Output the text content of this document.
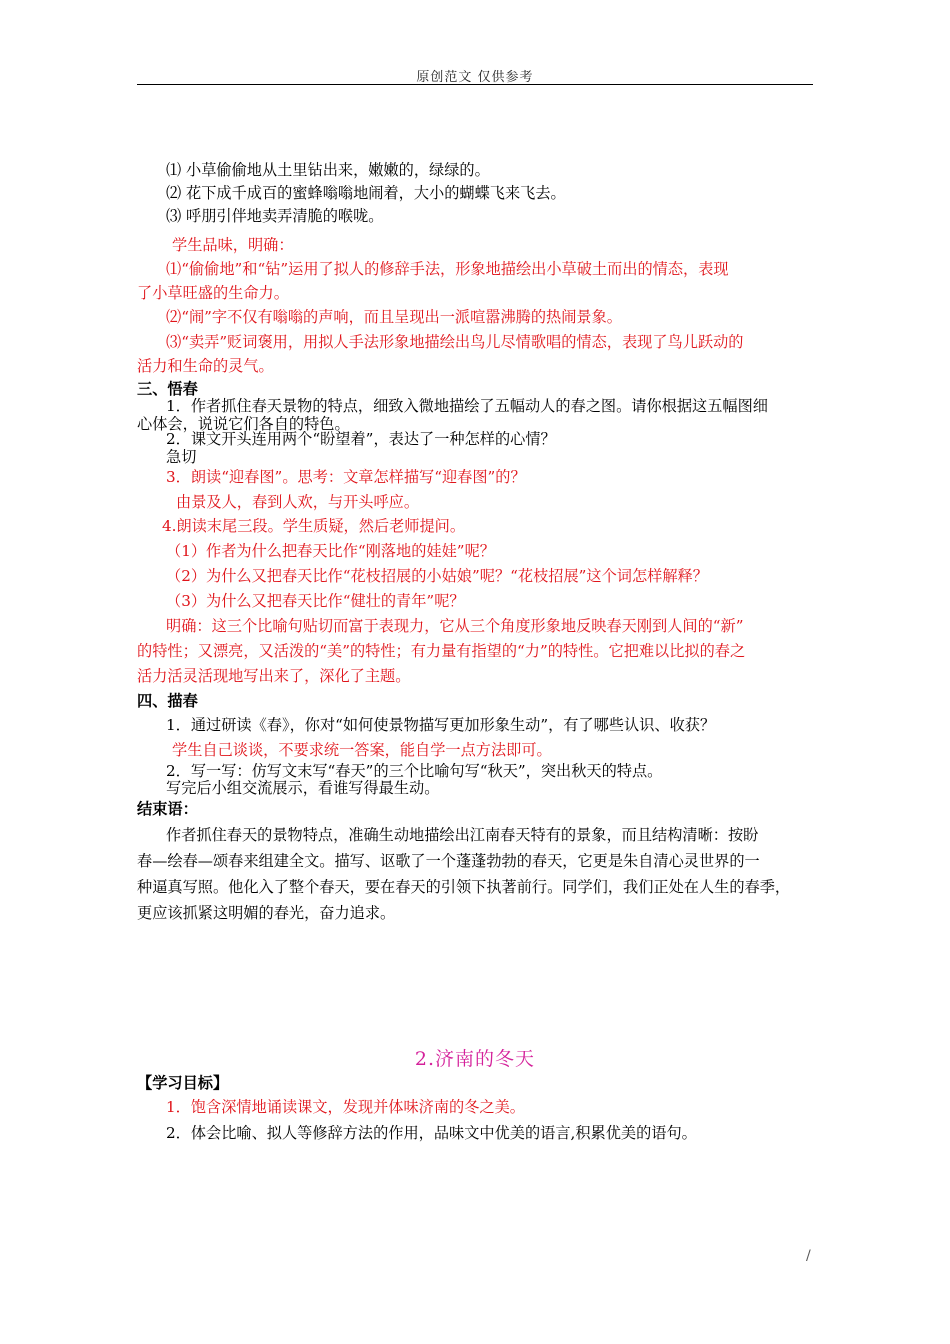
原创范文 仅供参考
⑴ 小草偷偷地从土里钻出来，嫩嫩的，绿绿的。
⑵ 花下成千成百的蜜蜂嗡嗡地闹着，大小的蝴蝶飞来飞去。
⑶ 呼朋引伴地卖弄清脆的喉咙。
学生品味，明确：
⑴“偷偷地”和“钻”运用了拟人的修辞手法，形象地描绘出小草破土而出的情态，表现
了小草旺盛的生命力。
⑵“闹”字不仅有嗡嗡的声响，而且呈现出一派喧嚣沸腾的热闹景象。
⑶“卖弄”贬词褒用，用拟人手法形象地描绘出鸟儿尽情歌唱的情态，表现了鸟儿跃动的
活力和生命的灵气。
三、悟春
1．作者抓住春天景物的特点，细致入微地描绘了五幅动人的春之图。请你根据这五幅图细
心体会，说说它们各自的特色。
2．课文开头连用两个“盼望着”，表达了一种怎样的心情？
急切
3．朗读“迎春图”。思考：文章怎样描写“迎春图”的？
由景及人，春到人欢，与开头呼应。
4.朗读末尾三段。学生质疑，然后老师提问。
（1）作者为什么把春天比作“刚落地的娃娃”呢？
（2）为什么又把春天比作“花枝招展的小姑娘”呢？“花枝招展”这个词怎样解释？
（3）为什么又把春天比作“健壮的青年”呢？
明确：这三个比喻句贴切而富于表现力，它从三个角度形象地反映春天刚到人间的“新”
的特性；又漂亮，又活泼的“美”的特性；有力量有指望的“力”的特性。它把难以比拟的春之
活力活灵活现地写出来了，深化了主题。
四、描春
1．通过研读《春》，你对“如何使景物描写更加形象生动”，有了哪些认识、收获？
学生自己谈谈，不要求统一答案，能自学一点方法即可。
2．写一写：仿写文末写“春天”的三个比喻句写“秋天”，突出秋天的特点。
写完后小组交流展示，看谁写得最生动。
结束语：
作者抓住春天的景物特点，准确生动地描绘出江南春天特有的景象，而且结构清晰：按盼
春—绘春—颂春来组建全文。描写、讴歌了一个蓬蓬勃勃的春天，它更是朱自清心灵世界的一
种逼真写照。他化入了整个春天，要在春天的引领下执著前行。同学们，我们正处在人生的春季，
更应该抓紧这明媚的春光，奋力追求。
2.济南的冬天
【学习目标】
1．饱含深情地诵读课文，发现并体味济南的冬之美。
2．体会比喻、拟人等修辞方法的作用，品味文中优美的语言,积累优美的语句。
/
